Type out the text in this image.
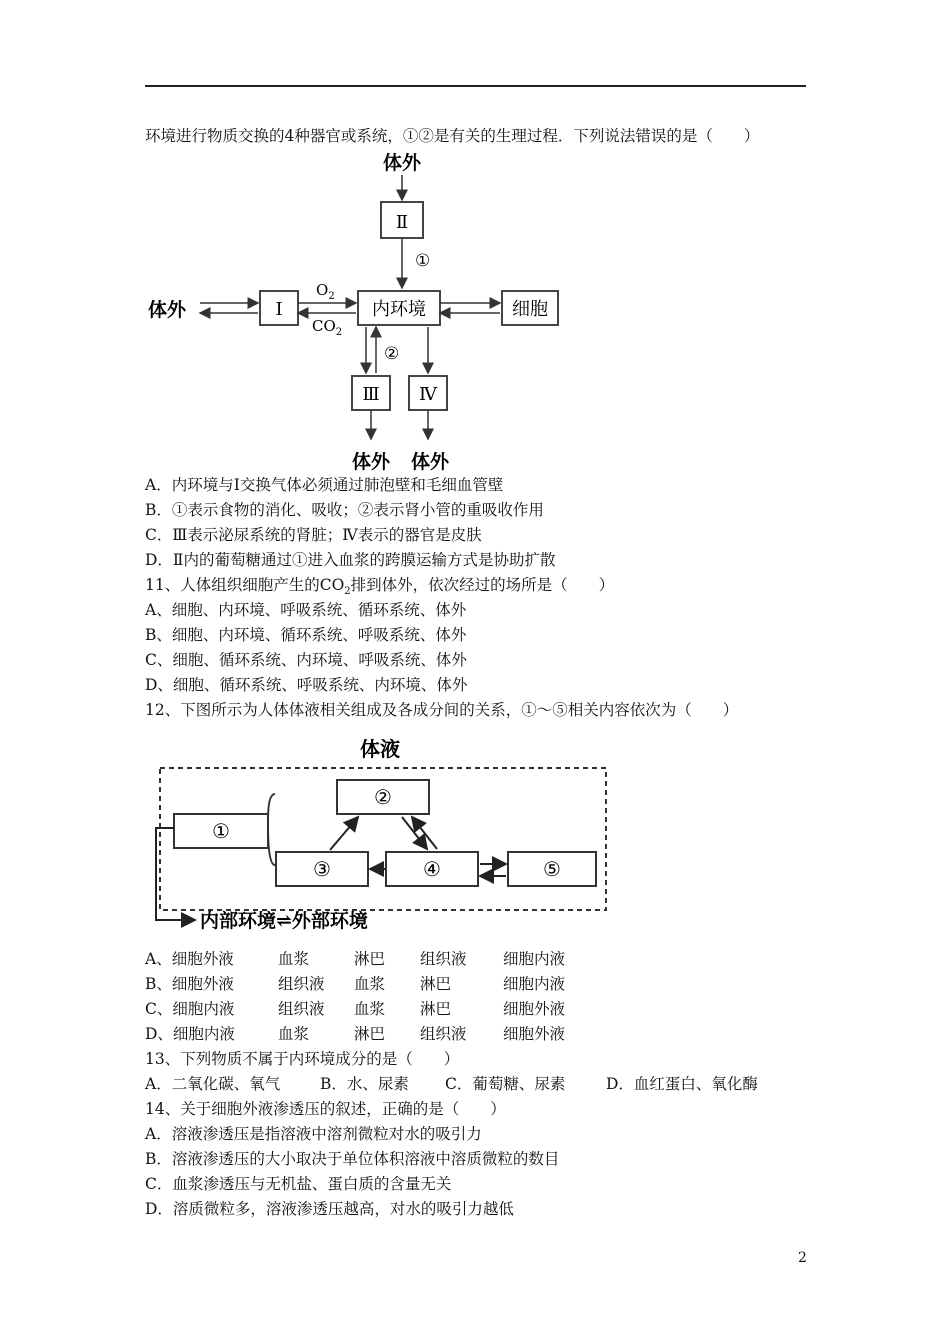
环境进行物质交换的4种器官或系统，①②是有关的生理过程．下列说法错误的是（　　）
体外
Ⅱ
①
内环境
体外	Ⅰ
$O_2$
$CO_2$
细胞
②
Ⅲ Ⅳ
体外 体外
A．内环境与Ⅰ交换气体必须通过肺泡壁和毛细血管壁
B．①表示食物的消化、吸收；②表示肾小管的重吸收作用
C．Ⅲ表示泌尿系统的肾脏；Ⅳ表示的器官是皮肤
D．Ⅱ内的葡萄糖通过①进入血浆的跨膜运输方式是协助扩散
11、人体组织细胞产生的$CO_2$排到体外，依次经过的场所是（　　）
A、细胞、内环境、呼吸系统、循环系统、体外
B、细胞、内环境、循环系统、呼吸系统、体外
C、细胞、循环系统、内环境、呼吸系统、体外
D、细胞、循环系统、呼吸系统、内环境、体外
12、下图所示为人体体液相关组成及各成分间的关系，①～⑤相关内容依次为（　　）
体液
①
②
③	④	⑤
内部环境⇌外部环境
A、细胞外液	血浆	淋巴 组织液 细胞内液
B、细胞外液	组织液 血浆 淋巴	细胞内液
C、细胞内液	组织液 血浆 淋巴	细胞外液
D、细胞内液	血浆	淋巴 组织液 细胞外液
13、下列物质不属于内环境成分的是（　　）
A．二氧化碳、氧气	B．水、尿素 C．葡萄糖、尿素	D．血红蛋白、氧化酶
14、关于细胞外液渗透压的叙述，正确的是（　　）
A．溶液渗透压是指溶液中溶剂微粒对水的吸引力
B．溶液渗透压的大小取决于单位体积溶液中溶质微粒的数目
C．血浆渗透压与无机盐、蛋白质的含量无关
D．溶质微粒多，溶液渗透压越高，对水的吸引力越低
2
